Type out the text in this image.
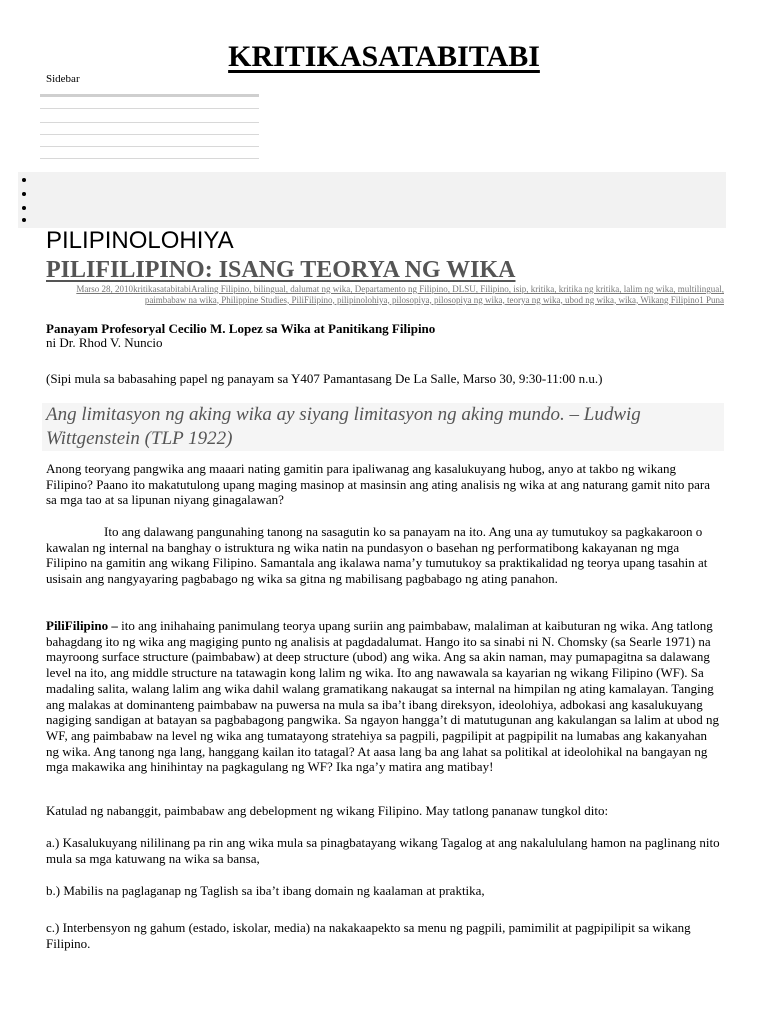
KRITIKASATABITABI
Sidebar
PILIPINOLOHIYA
PILIFILIPINO: ISANG TEORYA NG WIKA
Marso 28, 2010kritikasatabitabiAraling Filipino, bilingual, dalumat ng wika, Departamento ng Filipino, DLSU, Filipino, isip, kritika, kritika ng kritika, lalim ng wika, multilingual, paimbabaw na wika, Philippine Studies, PiliFilipino, pilipinolohiya, pilosopiya, pilosopiya ng wika, teorya ng wika, ubod ng wika, wika, Wikang Filipino1 Puna
Panayam Profesoryal Cecilio M. Lopez sa Wika at Panitikang Filipino
ni Dr. Rhod V. Nuncio
(Sipi mula sa babasahing papel ng panayam sa Y407 Pamantasang De La Salle, Marso 30, 9:30-11:00 n.u.)
Ang limitasyon ng aking wika ay siyang limitasyon ng aking mundo. – Ludwig Wittgenstein (TLP 1922)
Anong teoryang pangwika ang maaari nating gamitin para ipaliwanag ang kasalukuyang hubog, anyo at takbo ng wikang Filipino? Paano ito makatutulong upang maging masinop at masinsin ang ating analisis ng wika at ang naturang gamit nito para sa mga tao at sa lipunan niyang ginagalawan?
Ito ang dalawang pangunahing tanong na sasagutin ko sa panayam na ito. Ang una ay tumutukoy sa pagkakaroon o kawalan ng internal na banghay o istruktura ng wika natin na pundasyon o basehan ng performatibong kakayanan ng mga Filipino na gamitin ang wikang Filipino. Samantala ang ikalawa nama’y tumutukoy sa praktikalidad ng teorya upang tasahin at usisain ang nangyayaring pagbabago ng wika sa gitna ng mabilisang pagbabago ng ating panahon.
PiliFilipino – ito ang inihahaing panimulang teorya upang suriin ang paimbabaw, malaliman at kaibuturan ng wika. Ang tatlong bahagdang ito ng wika ang magiging punto ng analisis at pagdadalumat. Hango ito sa sinabi ni N. Chomsky (sa Searle 1971) na mayroong surface structure (paimbabaw) at deep structure (ubod) ang wika. Ang sa akin naman, may pumapagitna sa dalawang level na ito, ang middle structure na tatawagin kong lalim ng wika. Ito ang nawawala sa kayarian ng wikang Filipino (WF). Sa madaling salita, walang lalim ang wika dahil walang gramatikang nakaugat sa internal na himpilan ng ating kamalayan. Tanging ang malakas at dominanteng paimbabaw na puwersa na mula sa iba’t ibang direksyon, ideolohiya, adbokasi ang kasalukuyang nagiging sandigan at batayan sa pagbabagong pangwika. Sa ngayon hangga’t di matutugunan ang kakulangan sa lalim at ubod ng WF, ang paimbabaw na level ng wika ang tumatayong stratehiya sa pagpili, pagpilipit at pagpipilit na lumabas ang kakanyahan ng wika. Ang tanong nga lang, hanggang kailan ito tatagal? At aasa lang ba ang lahat sa politikal at ideolohikal na bangayan ng mga makawika ang hinihintay na pagkagulang ng WF? Ika nga’y matira ang matibay!
Katulad ng nabanggit, paimbabaw ang debelopment ng wikang Filipino. May tatlong pananaw tungkol dito:
a.) Kasalukuyang nililinang pa rin ang wika mula sa pinagbatayang wikang Tagalog at ang nakalululang hamon na paglinang nito mula sa mga katuwang na wika sa bansa,
b.) Mabilis na paglaganap ng Taglish sa iba’t ibang domain ng kaalaman at praktika,
c.) Interbensyon ng gahum (estado, iskolar, media) na nakakaapekto sa menu ng pagpili, pamimilit at pagpipilipit sa wikang Filipino.
